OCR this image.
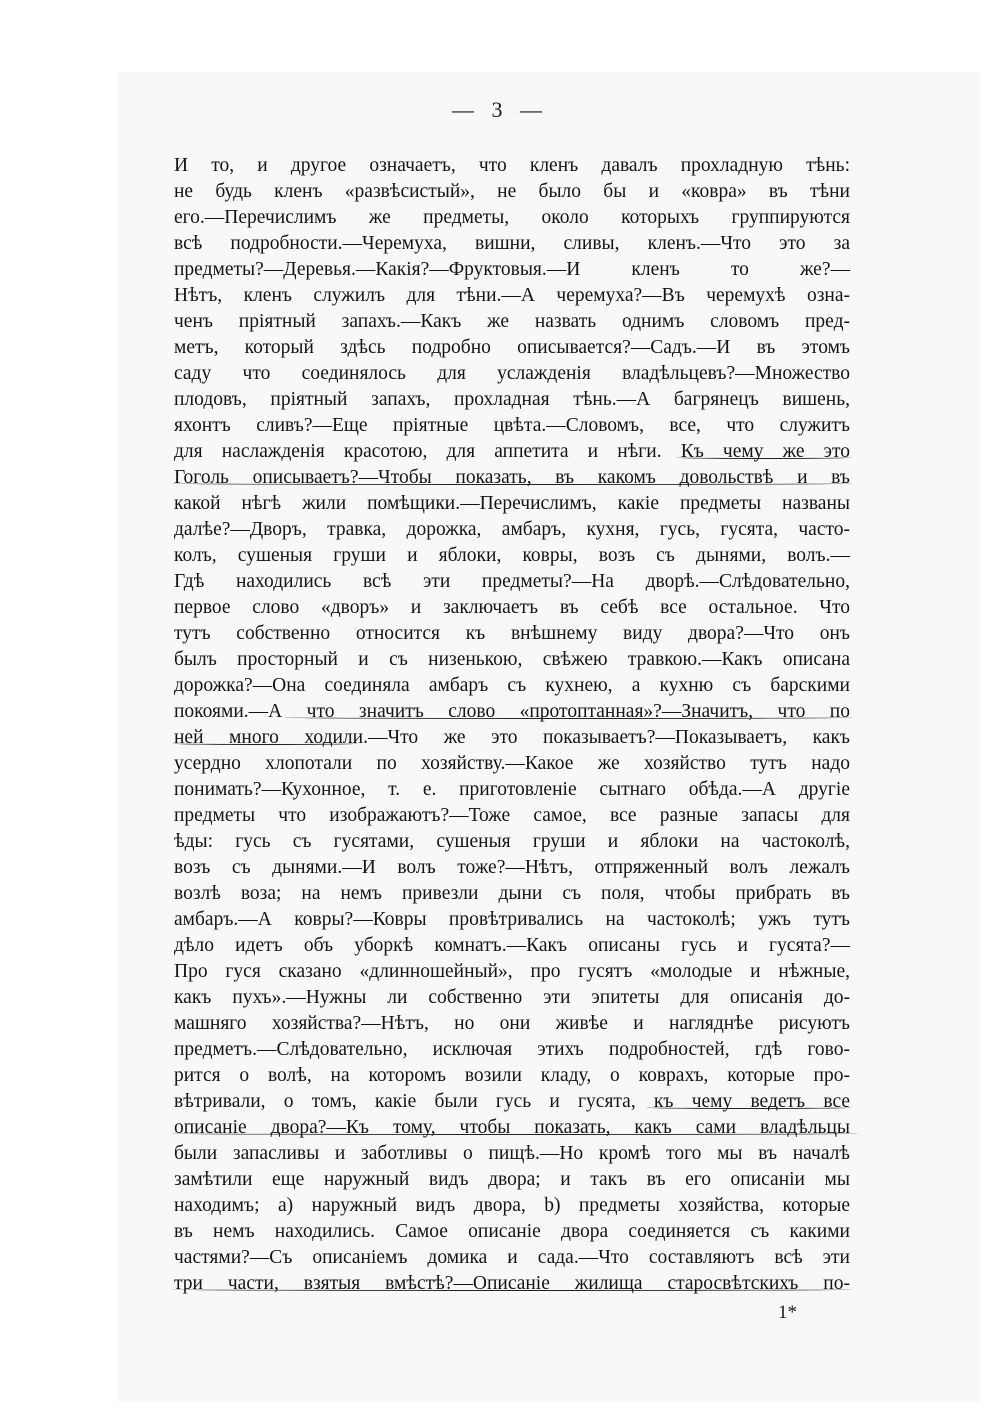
— 3 —
И то, и другое означаетъ, что кленъ давалъ прохладную тѣнь:
не будь кленъ «развѣсистый», не было бы и «ковра» въ тѣни
его.—Перечислимъ же предметы, около которыхъ группируются
всѣ подробности.—Черемуха, вишни, сливы, кленъ.—Что это за
предметы?—Деревья.—Какія?—Фруктовыя.—И кленъ то же?—
Нѣтъ, кленъ служилъ для тѣни.—А черемуха?—Въ черемухѣ озна-
ченъ пріятный запахъ.—Какъ же назвать однимъ словомъ пред-
метъ, который здѣсь подробно описывается?—Садъ.—И въ этомъ
саду что соединялось для услажденія владѣльцевъ?—Множество
плодовъ, пріятный запахъ, прохладная тѣнь.—А багрянецъ вишень,
яхонтъ сливъ?—Еще пріятные цвѣта.—Словомъ, все, что служитъ
для наслажденія красотою, для аппетита и нѣги. Къ чему же это
Гоголь описываетъ?—Чтобы показать, въ какомъ довольствѣ и въ
какой нѣгѣ жили помѣщики.—Перечислимъ, какіе предметы названы
далѣе?—Дворъ, травка, дорожка, амбаръ, кухня, гусь, гусята, часто-
колъ, сушеныя груши и яблоки, ковры, возъ съ дынями, волъ.—
Гдѣ находились всѣ эти предметы?—На дворѣ.—Слѣдовательно,
первое слово «дворъ» и заключаетъ въ себѣ все остальное. Что
тутъ собственно относится къ внѣшнему виду двора?—Что онъ
былъ просторный и съ низенькою, свѣжею травкою.—Какъ описана
дорожка?—Она соединяла амбаръ съ кухнею, а кухню съ барскими
покоями.—А что значитъ слово «протоптанная»?—Значитъ, что по
ней много ходили.—Что же это показываетъ?—Показываетъ, какъ
усердно хлопотали по хозяйству.—Какое же хозяйство тутъ надо
понимать?—Кухонное, т. е. приготовленіе сытнаго обѣда.—А другіе
предметы что изображаютъ?—Тоже самое, все разные запасы для
ѣды: гусь съ гусятами, сушеныя груши и яблоки на частоколѣ,
возъ съ дынями.—И волъ тоже?—Нѣтъ, отпряженный волъ лежалъ
возлѣ воза; на немъ привезли дыни съ поля, чтобы прибрать въ
амбаръ.—А ковры?—Ковры провѣтривались на частоколѣ; ужъ тутъ
дѣло идетъ объ уборкѣ комнатъ.—Какъ описаны гусь и гусята?—
Про гуся сказано «длинношейный», про гусятъ «молодые и нѣжные,
какъ пухъ».—Нужны ли собственно эти эпитеты для описанія до-
машняго хозяйства?—Нѣтъ, но они живѣе и нагляднѣе рисуютъ
предметъ.—Слѣдовательно, исключая этихъ подробностей, гдѣ гово-
рится о волѣ, на которомъ возили кладу, о коврахъ, которые про-
вѣтривали, о томъ, какіе были гусь и гусята, къ чему ведетъ все
описаніе двора?—Къ тому, чтобы показать, какъ сами владѣльцы
были запасливы и заботливы о пищѣ.—Но кромѣ того мы въ началѣ
замѣтили еще наружный видъ двора; и такъ въ его описаніи мы
находимъ; а) наружный видъ двора, b) предметы хозяйства, которые
въ немъ находились. Самое описаніе двора соединяется съ какими
частями?—Съ описаніемъ домика и сада.—Что составляютъ всѣ эти
три части, взятыя вмѣстѣ?—Описаніе жилища старосвѣтскихъ по-
1*
